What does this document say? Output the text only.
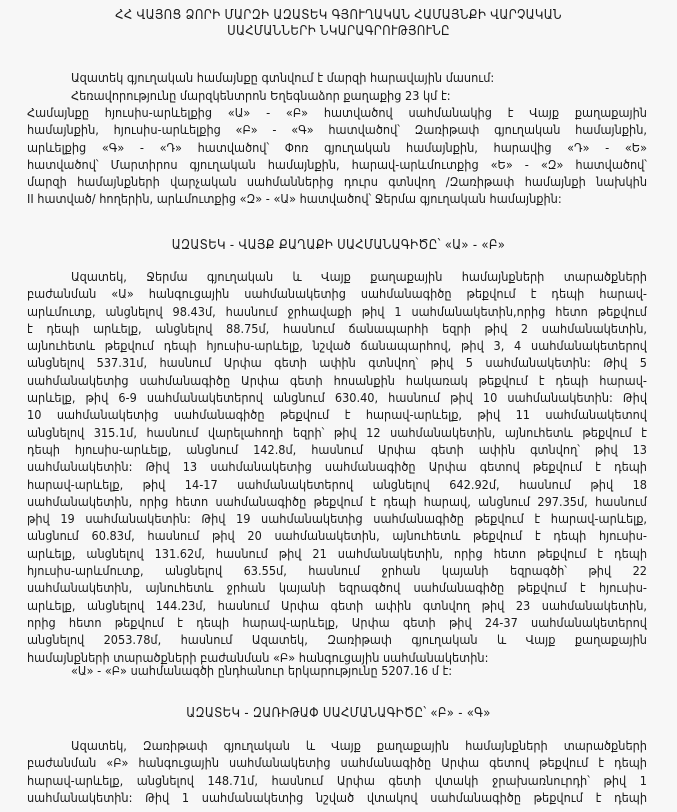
ՀՀ ՎԱՅՈՑ ՁՈՐԻ ՄԱՐԶԻ ԱԶԱՏԵԿ ԳՅՈՒՂԱԿԱՆ ՀԱՄԱՅՆՔԻ ՎԱՐՉԱԿԱՆ
ՍԱՀՄԱՆՆԵՐԻ ՆԿԱՐԱԳՐՈՒԹՅՈՒՆԸ
Ազատեկ գյուղական համայնքը գտնվում է մարզի հարավային մասում:
Հեռավորությունը մարզկենտրոն Եղեգնաձոր քաղաքից 23 կմ է:
Համայնքը հյուսիս-արևելքից «Ա» - «Բ» հատվածով սահմանակից է Վայք քաղաքային
համայնքին, հյուսիս-արևելքից «Բ» - «Գ» հատվածով՝ Զառիթափ գյուղական համայնքին,
արևելքից «Գ» - «Դ» հատվածով՝ Փոռ գյուղական համայնքին, հարավից «Դ» - «Ե»
հատվածով՝ Մարտիրոս գյուղական համայնքին, հարավ-արևմուտքից «Ե» - «Զ» հատվածով՝
մարզի համայնքների վարչական սահմաններից դուրս գտնվող /Զառիթափ համայնքի նախկին
II հատված/ հողերին, արևմուտքից «Զ» - «Ա» հատվածով՝ Ջերմա գյուղական համայնքին:
ԱԶԱՏԵԿ - ՎԱՅՔ ՔԱՂԱՔԻ ՍԱՀՄԱՆԱԳԻԾԸ՝ «Ա» - «Բ»
Ազատեկ, Ջերմա գյուղական և Վայք քաղաքային համայնքների տարածքների
բաժանման «Ա» հանգուցային սահմանակետից սահմանագիծը թեքվում է դեպի հարավ-
արևմուտք, անցնելով 98.43մ, հասնում ջրհավաքի թիվ 1 սահմանակետին,որից հետո թեքվում
է դեպի արևելք, անցնելով 88.75մ, հասնում ճանապարհի եզրի թիվ 2 սահմանակետին,
այնուհետև թեքվում դեպի հյուսիս-արևելք, նշված ճանապարհով, թիվ 3, 4 սահմանակետերով
անցնելով 537.31մ, հասնում Արփա գետի ափին գտնվող՝ թիվ 5 սահմանակետին: Թիվ 5
սահմանակետից սահմանագիծը Արփա գետի հոսանքին հակառակ թեքվում է դեպի հարավ-
արևելք, թիվ 6-9 սահմանակետերով անցնում 630.40, հասնում թիվ 10 սահմանակետին: Թիվ
10 սահմանակետից սահմանագիծը թեքվում է հարավ-արևելք, թիվ 11 սահմանակետով
անցնելով 315.1մ, հասնում վարելահողի եզրի՝ թիվ 12 սահմանակետին, այնուհետև թեքվում է
դեպի հյուսիս-արևելք, անցնում 142.8մ, հասնում Արփա գետի ափին գտնվող՝ թիվ 13
սահմանակետին: Թիվ 13 սահմանակետից սահմանագիծը Արփա գետով թեքվում է դեպի
հարավ-արևելք, թիվ 14-17 սահմանակետերով անցնելով 642.92մ, հասնում թիվ 18
սահմանակետին, որից հետո սահմանագիծը թեքվում է դեպի հարավ, անցնում 297.35մ, հասնում
թիվ 19 սահմանակետին: Թիվ 19 սահմանակետից սահմանագիծը թեքվում է հարավ-արևելք,
անցնում 60.83մ, հասնում թիվ 20 սահմանակետին, այնուհետև թեքվում է դեպի հյուսիս-
արևելք, անցնելով 131.62մ, հասնում թիվ 21 սահմանակետին, որից հետո թեքվում է դեպի
հյուսիս-արևմուտք, անցնելով 63.55մ, հասնում ջրհան կայանի եզրագծի՝ թիվ 22
սահմանակետին, այնուհետև ջրհան կայանի եզրագծով սահմանագիծը թեքվում է հյուսիս-
արևելք, անցնելով 144.23մ, հասնում Արփա գետի ափին գտնվող թիվ 23 սահմանակետին,
որից հետո թեքվում է դեպի հարավ-արևելք, Արփա գետի թիվ 24-37 սահմանակետերով
անցնելով 2053.78մ, հասնում Ազատեկ, Զառիթափ գյուղական և Վայք քաղաքային
համայնքների տարածքների բաժանման «Բ» հանգուցային սահմանակետին:
«Ա» - «Բ» սահմանագծի ընդհանուր երկարությունը 5207.16 մ է:
ԱԶԱՏԵԿ - ԶԱՌԻԹԱՓ ՍԱՀՄԱՆԱԳԻԾԸ՝ «Բ» - «Գ»
Ազատեկ, Զառիթափ գյուղական և Վայք քաղաքային համայնքների տարածքների
բաժանման «Բ» հանգուցային սահմանակետից սահմանագիծը Արփա գետով թեքվում է դեպի
հարավ-արևելք, անցնելով 148.71մ, հասնում Արփա գետի վտակի ջրախառնուրդի՝ թիվ 1
սահմանակետին: Թիվ 1 սահմանակետից նշված վտակով սահմանագիծը թեքվում է դեպի
